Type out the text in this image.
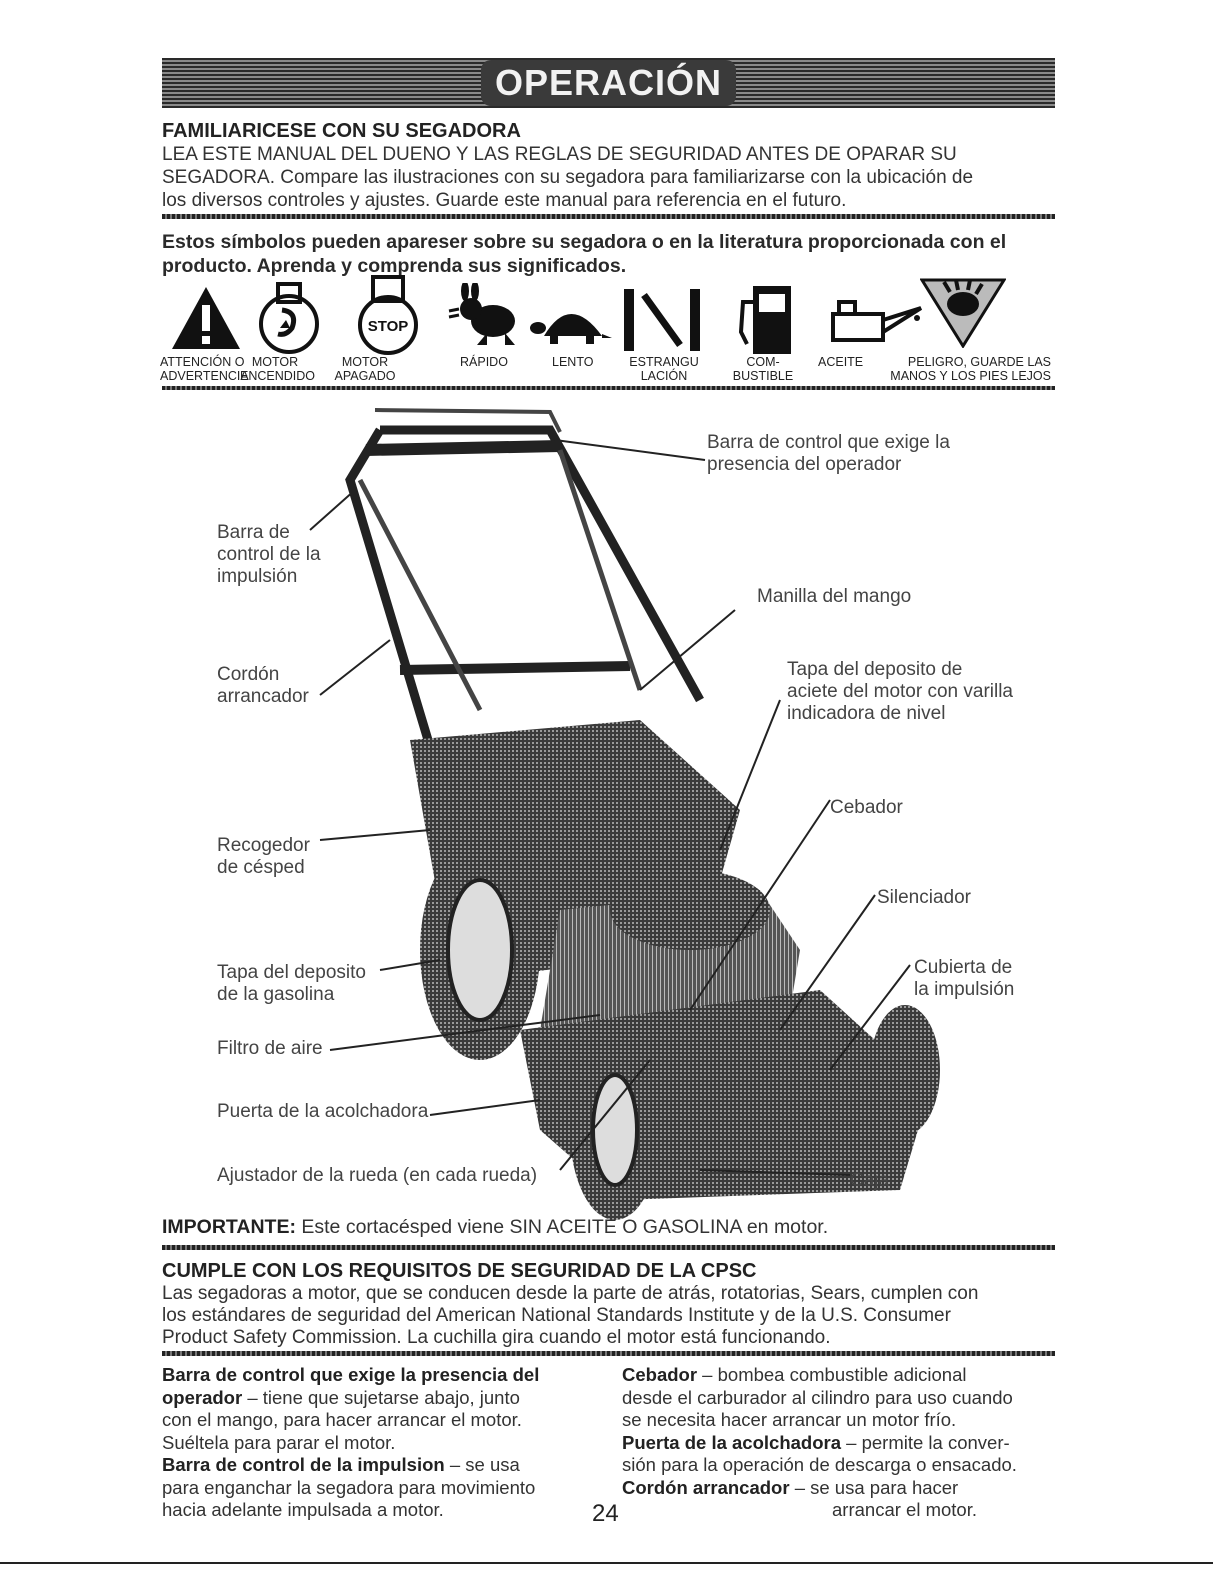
OPERACIÓN
FAMILIARICESE CON SU SEGADORA
LEA ESTE MANUAL DEL DUENO Y LAS REGLAS DE SEGURIDAD ANTES DE OPARAR SU
SEGADORA. Compare las ilustraciones con su segadora para familiarizarse con la ubicación de
los diversos controles y ajustes. Guarde este manual para referencia en el futuro.
Estos símbolos pueden apareser sobre su segadora o en la literatura proporcionada con el
producto. Aprenda y comprenda sus significados.
STOP
ATTENCIÓN O
ADVERTENCIA
MOTOR
ENCENDIDO
MOTOR
APAGADO
RÁPIDO	LENTO	ESTRANGU
LACIÓN
COM-
BUSTIBLE
ACEITE	PELIGRO, GUARDE LAS
MANOS Y LOS PIES LEJOS
Barra de control que exige la
presencia del operador
Barra de
control de la
impulsión
Manilla del mango
Cordón
arrancador
Tapa del deposito de
aciete del motor con varilla
indicadora de nivel
Cebador
Recogedor
de césped
Silenciador
Tapa del deposito
de la gasolina
Cubierta de
la impulsión
Filtro de aire
Puerta de la acolchadora
Ajustador de la rueda (en cada rueda)	Caja
IMPORTANTE: Este cortacésped viene SIN ACEITE O GASOLINA en motor.
CUMPLE CON LOS REQUISITOS DE SEGURIDAD DE LA CPSC
Las segadoras a motor, que se conducen desde la parte de atrás, rotatorias, Sears, cumplen con
los estándares de seguridad del American National Standards Institute y de la U.S. Consumer
Product Safety Commission. La cuchilla gira cuando el motor está funcionando.
Barra de control que exige la presencia del
operador – tiene que sujetarse abajo, junto
con el mango, para hacer arrancar el motor.
Suéltela para parar el motor.
Barra de control de la impulsion – se usa
para enganchar la segadora para movimiento
hacia adelante impulsada a motor.
Cebador – bombea combustible adicional
desde el carburador al cilindro para uso cuando
se necesita hacer arrancar un motor frío.
Puerta de la acolchadora – permite la conver-
sión para la operación de descarga o ensacado.
Cordón arrancador – se usa para hacer
arrancar el motor.
24
